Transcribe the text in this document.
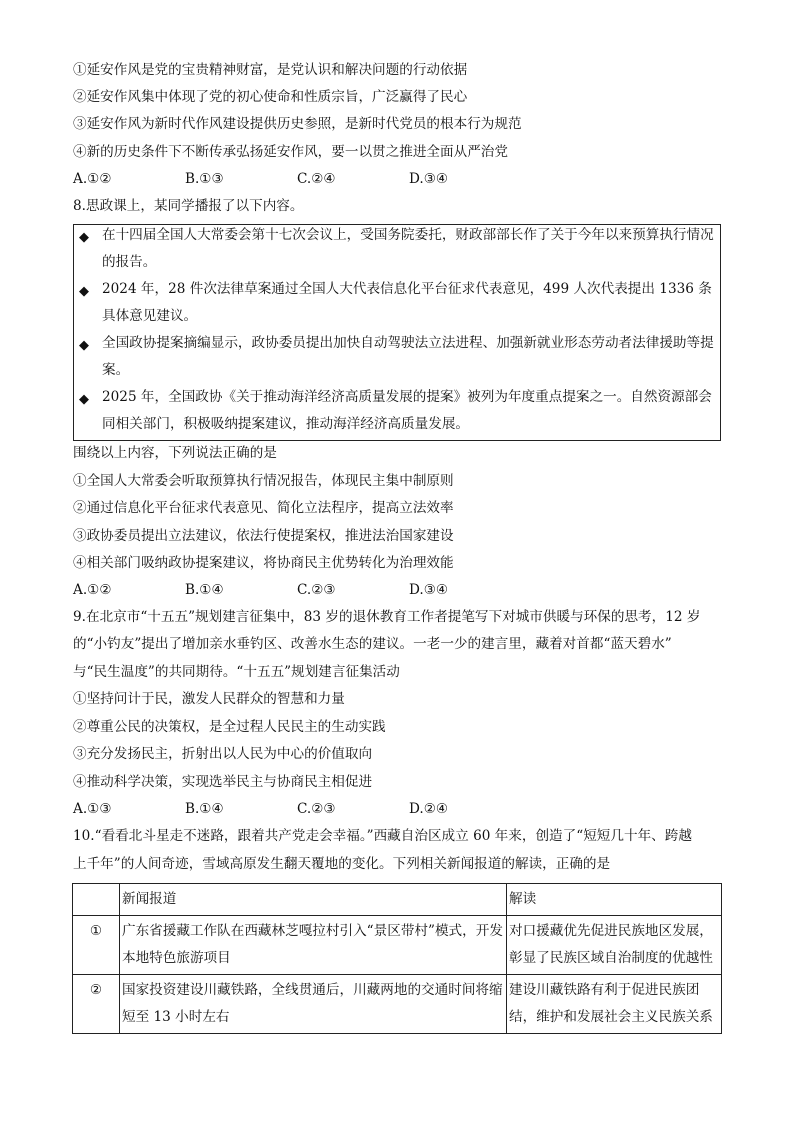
①延安作风是党的宝贵精神财富，是党认识和解决问题的行动依据
②延安作风集中体现了党的初心使命和性质宗旨，广泛赢得了民心
③延安作风为新时代作风建设提供历史参照，是新时代党员的根本行为规范
④新的历史条件下不断传承弘扬延安作风，要一以贯之推进全面从严治党
A.①②	B.①③	C.②④	D.③④
8.思政课上，某同学播报了以下内容。
◆ 在十四届全国人大常委会第十七次会议上，受国务院委托，财政部部长作了关于今年以来预算执行情况的报告。
◆ 2024 年，28 件次法律草案通过全国人大代表信息化平台征求代表意见，499 人次代表提出 1336 条具体意见建议。
◆ 全国政协提案摘编显示，政协委员提出加快自动驾驶法立法进程、加强新就业形态劳动者法律援助等提案。
◆ 2025 年，全国政协《关于推动海洋经济高质量发展的提案》被列为年度重点提案之一。自然资源部会同相关部门，积极吸纳提案建议，推动海洋经济高质量发展。
围绕以上内容，下列说法正确的是
①全国人大常委会听取预算执行情况报告，体现民主集中制原则
②通过信息化平台征求代表意见、简化立法程序，提高立法效率
③政协委员提出立法建议，依法行使提案权，推进法治国家建设
④相关部门吸纳政协提案建议，将协商民主优势转化为治理效能
A.①②	B.①④	C.②③	D.③④
9.在北京市“十五五”规划建言征集中，83 岁的退休教育工作者提笔写下对城市供暖与环保的思考，12 岁
的“小钓友”提出了增加亲水垂钓区、改善水生态的建议。一老一少的建言里，藏着对首都“蓝天碧水”
与“民生温度”的共同期待。“十五五”规划建言征集活动
①坚持问计于民，激发人民群众的智慧和力量
②尊重公民的决策权，是全过程人民民主的生动实践
③充分发扬民主，折射出以人民为中心的价值取向
④推动科学决策，实现选举民主与协商民主相促进
A.①③	B.①④	C.②③	D.②④
10.“看看北斗星走不迷路，跟着共产党走会幸福。”西藏自治区成立 60 年来，创造了“短短几十年、跨越
上千年”的人间奇迹，雪域高原发生翻天覆地的变化。下列相关新闻报道的解读，正确的是
	新闻报道	解读
①	广东省援藏工作队在西藏林芝嘎拉村引入“景区带村”模式，开发本地特色旅游项目	对口援藏优先促进民族地区发展，彰显了民族区域自治制度的优越性
②	国家投资建设川藏铁路，全线贯通后，川藏两地的交通时间将缩短至 13 小时左右	建设川藏铁路有利于促进民族团结，维护和发展社会主义民族关系
